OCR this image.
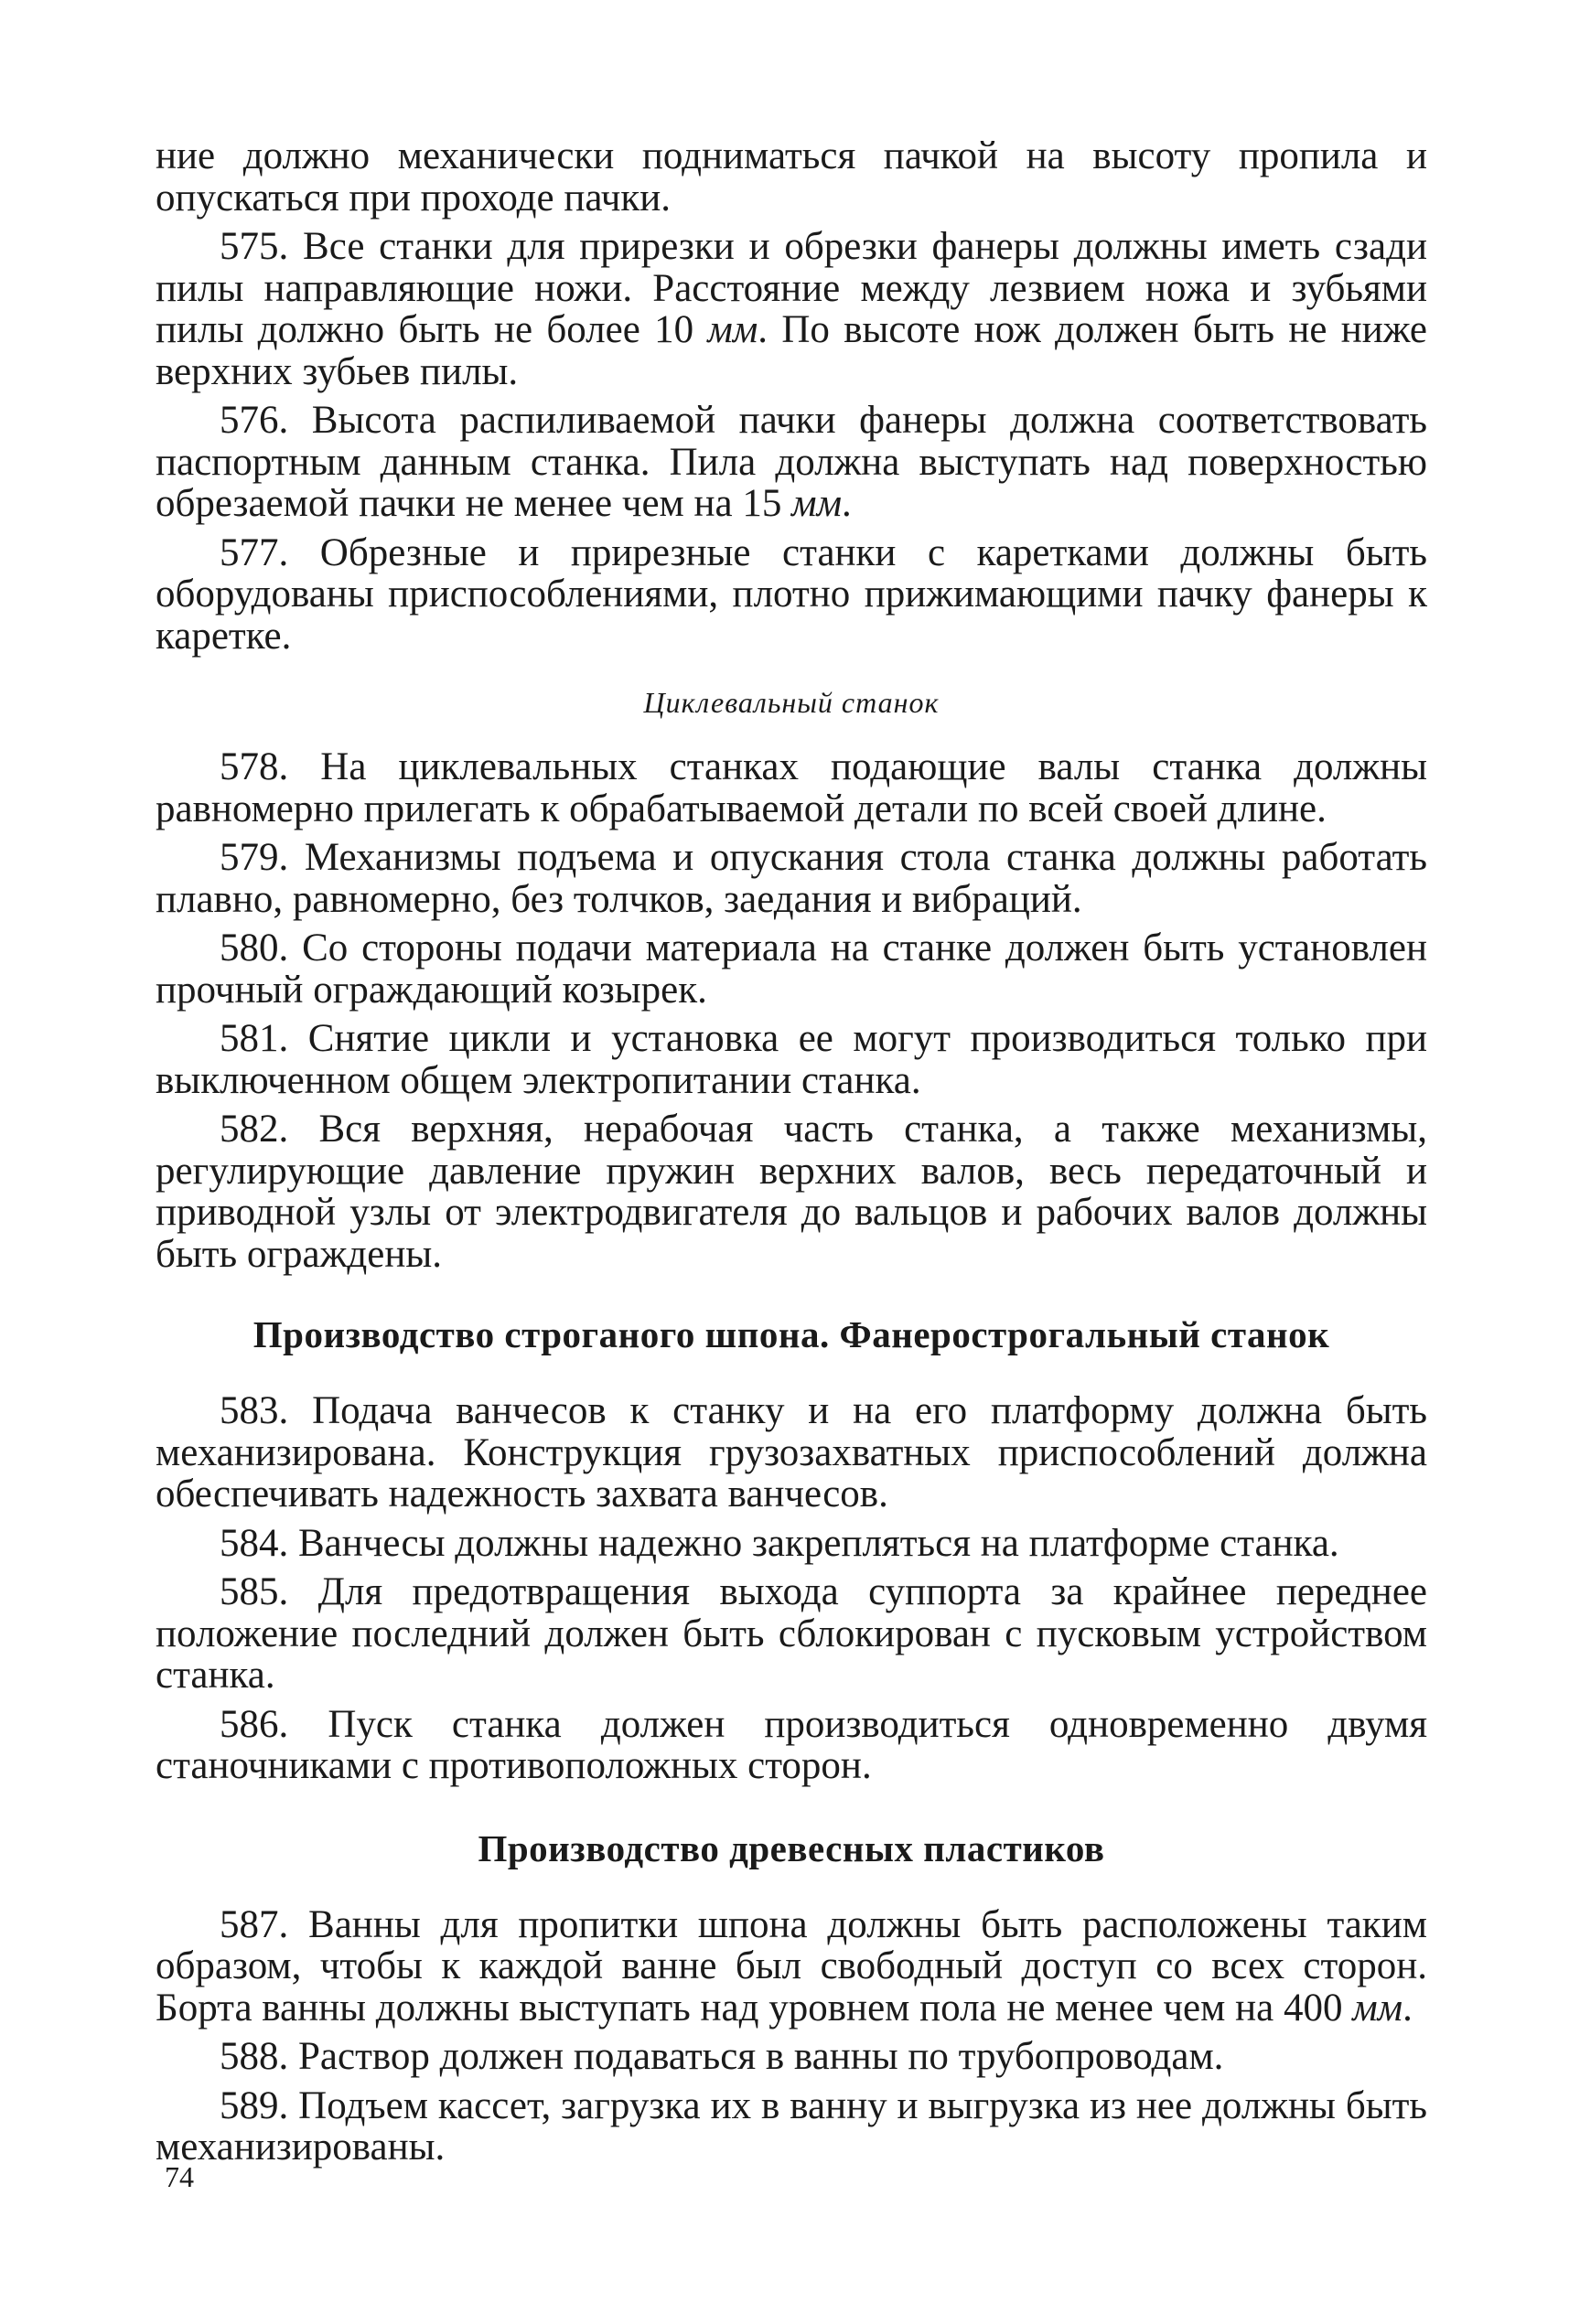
ние должно механически подниматься пачкой на высоту пропила и опускаться при проходе пачки.

575. Все станки для прирезки и обрезки фанеры должны иметь сзади пилы направляющие ножи. Расстояние между лезвием ножа и зубьями пилы должно быть не более 10 мм. По высоте нож должен быть не ниже верхних зубьев пилы.

576. Высота распиливаемой пачки фанеры должна соответствовать паспортным данным станка. Пила должна выступать над поверхностью обрезаемой пачки не менее чем на 15 мм.

577. Обрезные и прирезные станки с каретками должны быть оборудованы приспособлениями, плотно прижимающими пачку фанеры к каретке.

Циклевальный станок

578. На циклевальных станках подающие валы станка должны равномерно прилегать к обрабатываемой детали по всей своей длине.

579. Механизмы подъема и опускания стола станка должны работать плавно, равномерно, без толчков, заедания и вибраций.

580. Со стороны подачи материала на станке должен быть установлен прочный ограждающий козырек.

581. Снятие цикли и установка ее могут производиться только при выключенном общем электропитании станка.

582. Вся верхняя, нерабочая часть станка, а также механизмы, регулирующие давление пружин верхних валов, весь передаточный и приводной узлы от электродвигателя до вальцов и рабочих валов должны быть ограждены.

Производство строганого шпона. Фанерострогальный станок

583. Подача ванчесов к станку и на его платформу должна быть механизирована. Конструкция грузозахватных приспособлений должна обеспечивать надежность захвата ванчесов.

584. Ванчесы должны надежно закрепляться на платформе станка.

585. Для предотвращения выхода суппорта за крайнее переднее положение последний должен быть сблокирован с пусковым устройством станка.

586. Пуск станка должен производиться одновременно двумя станочниками с противоположных сторон.

Производство древесных пластиков

587. Ванны для пропитки шпона должны быть расположены таким образом, чтобы к каждой ванне был свободный доступ со всех сторон. Борта ванны должны выступать над уровнем пола не менее чем на 400 мм.

588. Раствор должен подаваться в ванны по трубопроводам.

589. Подъем кассет, загрузка их в ванну и выгрузка из нее должны быть механизированы.

74
